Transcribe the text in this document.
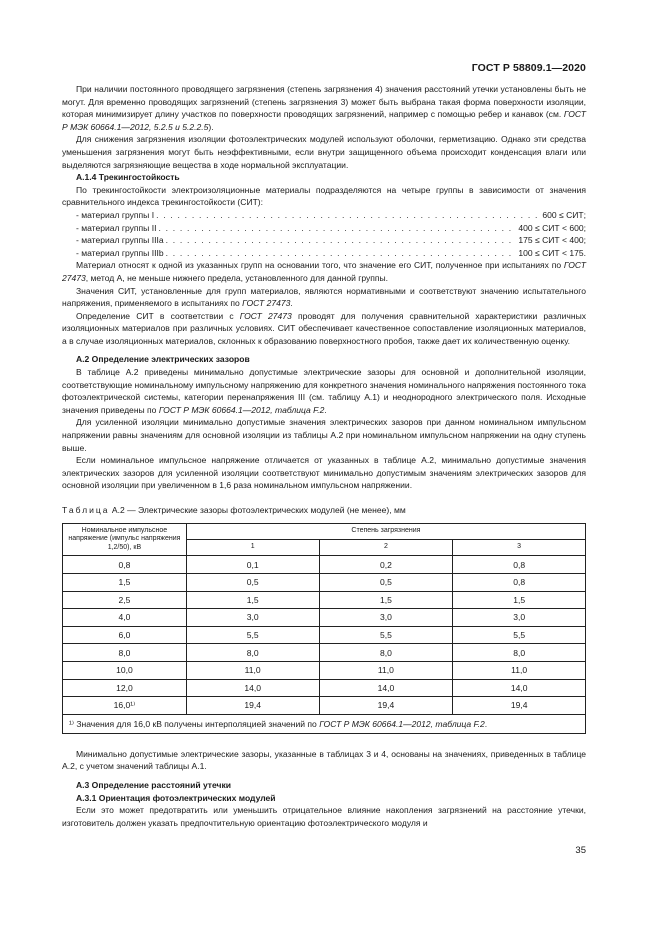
ГОСТ Р 58809.1—2020

При наличии постоянного проводящего загрязнения (степень загрязнения 4) значения расстояний утечки установлены быть не могут. Для временно проводящих загрязнений (степень загрязнения 3) может быть выбрана такая форма поверхности изоляции, которая минимизирует длину участков по поверхности проводящих загрязнений, например с помощью ребер и канавок (см. ГОСТ Р МЭК 60664.1—2012, 5.2.5 и 5.2.2.5).

Для снижения загрязнения изоляции фотоэлектрических модулей используют оболочки, герметизацию. Однако эти средства уменьшения загрязнения могут быть неэффективными, если внутри защищенного объема происходит конденсация влаги или выделяются загрязняющие вещества в ходе нормальной эксплуатации.

А.1.4 Трекингостойкость

По трекингостойкости электроизоляционные материалы подразделяются на четыре группы в зависимости от значения сравнительного индекса трекингостойкости (СИТ):

- материал группы I . . .	600 ≤ СИТ;
- материал группы II . . .	400 ≤ СИТ < 600;
- материал группы IIIa . . .	175 ≤ СИТ < 400;
- материал группы IIIb . . .	100 ≤ СИТ < 175.

Материал относят к одной из указанных групп на основании того, что значение его СИТ, полученное при испытаниях по ГОСТ 27473, метод А, не меньше нижнего предела, установленного для данной группы.

Значения СИТ, установленные для групп материалов, являются нормативными и соответствуют значению испытательного напряжения, применяемого в испытаниях по ГОСТ 27473.

Определение СИТ в соответствии с ГОСТ 27473 проводят для получения сравнительной характеристики различных изоляционных материалов при различных условиях. СИТ обеспечивает качественное сопоставление изоляционных материалов, а в случае изоляционных материалов, склонных к образованию поверхностного пробоя, также дает их количественную оценку.

А.2 Определение электрических зазоров

В таблице А.2 приведены минимально допустимые электрические зазоры для основной и дополнительной изоляции, соответствующие номинальному импульсному напряжению для конкретного значения номинального напряжения постоянного тока фотоэлектрической системы, категории перенапряжения III (см. таблицу А.1) и неоднородного электрического поля. Исходные значения приведены по ГОСТ Р МЭК 60664.1—2012, таблица F.2.

Для усиленной изоляции минимально допустимые значения электрических зазоров при данном номинальном импульсном напряжении равны значениям для основной изоляции из таблицы А.2 при номинальном импульсном напряжении на одну ступень выше.

Если номинальное импульсное напряжение отличается от указанных в таблице А.2, минимально допустимые значения электрических зазоров для усиленной изоляции соответствуют минимально допустимым значениям электрических зазоров для основной изоляции при увеличенном в 1,6 раза номинальном импульсном напряжении.

Таблица А.2 — Электрические зазоры фотоэлектрических модулей (не менее), мм
Номинальное импульсное напряжение (импульс напряжения 1,2/50), кВ	Степень загрязнения		
	1	2	3
0,8	0,1	0,2	0,8
1,5	0,5	0,5	0,8
2,5	1,5	1,5	1,5
4,0	3,0	3,0	3,0
6,0	5,5	5,5	5,5
8,0	8,0	8,0	8,0
10,0	11,0	11,0	11,0
12,0	14,0	14,0	14,0
16,0¹⁾	19,4	19,4	19,4
¹⁾ Значения для 16,0 кВ получены интерполяцией значений по ГОСТ Р МЭК 60664.1—2012, таблица F.2.			

Минимально допустимые электрические зазоры, указанные в таблицах 3 и 4, основаны на значениях, приведенных в таблице А.2, с учетом значений таблицы А.1.

А.3 Определение расстояний утечки

А.3.1 Ориентация фотоэлектрических модулей

Если это может предотвратить или уменьшить отрицательное влияние накопления загрязнений на расстояние утечки, изготовитель должен указать предпочтительную ориентацию фотоэлектрического модуля и

35
